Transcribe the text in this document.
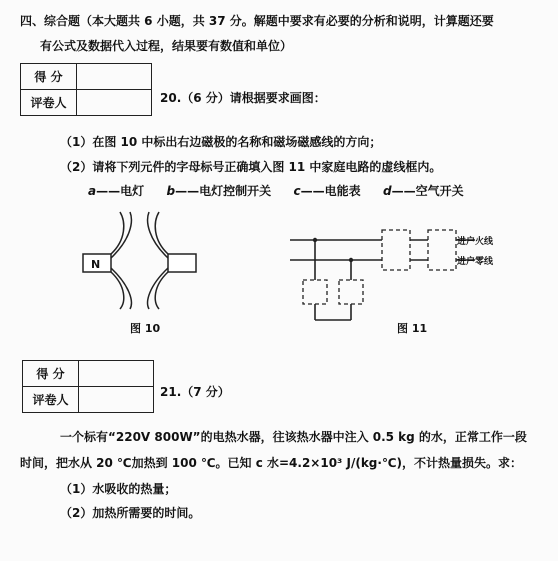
四、综合题（本大题共 6 小题，共 37 分。解题中要求有必要的分析和说明，计算题还要
有公式及数据代入过程，结果要有数值和单位）
得 分	
评卷人		20.（6 分）请根据要求画图：
（1）在图 10 中标出右边磁极的名称和磁场磁感线的方向；
（2）请将下列元件的字母标号正确填入图 11 中家庭电路的虚线框内。
a——电灯 b——电灯控制开关 c——电能表 d——空气开关
N
图 10
进户火线
进户零线
图 11
得 分	
评卷人	
21.（7 分）
一个标有“220V 800W”的电热水器，往该热水器中注入 0.5 kg 的水，正常工作一段
时间，把水从 20 ℃加热到 100 ℃。已知 c 水=4.2×10³ J/(kg·℃)，不计热量损失。求：
（1）水吸收的热量；
（2）加热所需要的时间。
